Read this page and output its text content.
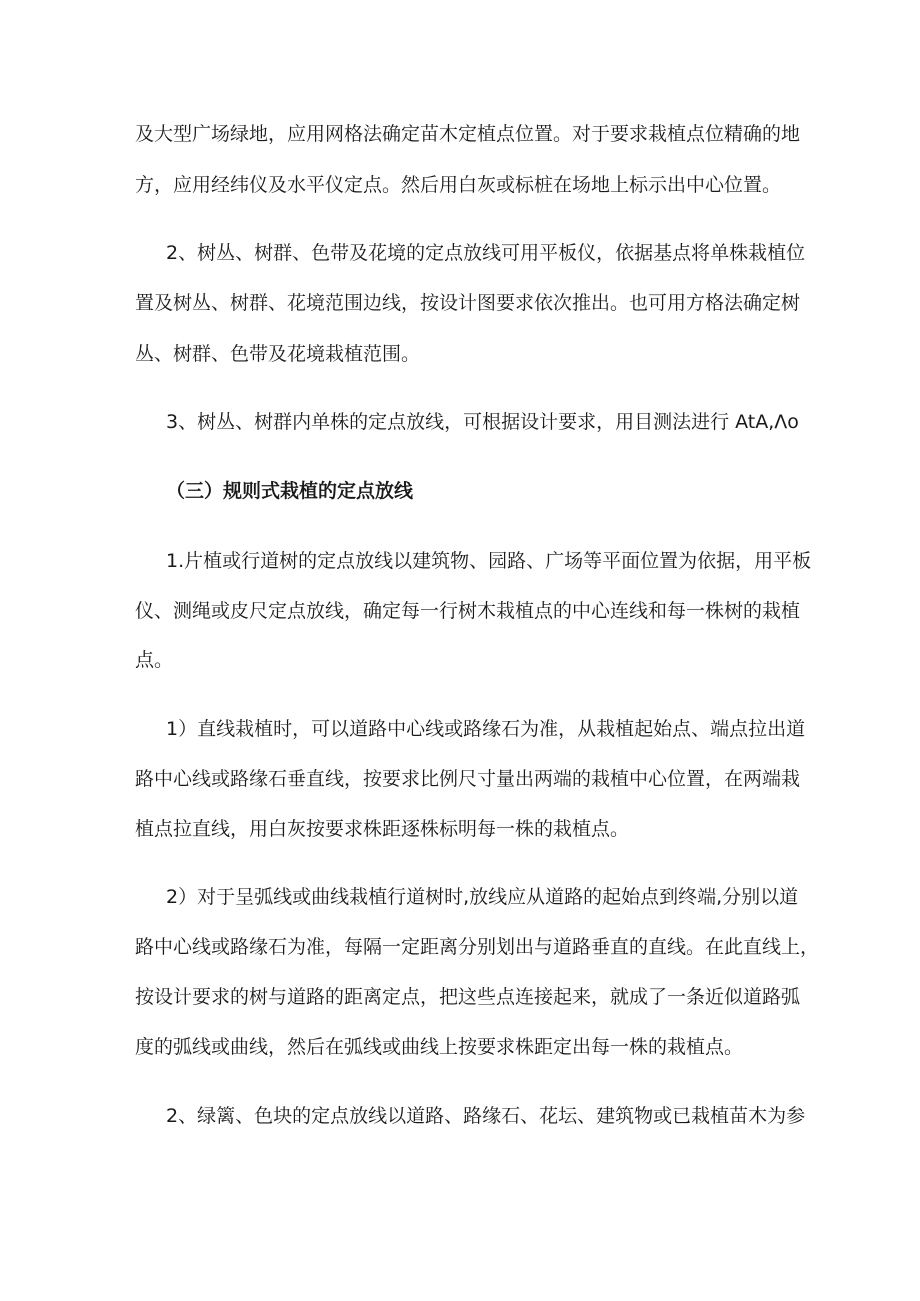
及大型广场绿地，应用网格法确定苗木定植点位置。对于要求栽植点位精确的地
方，应用经纬仪及水平仪定点。然后用白灰或标桩在场地上标示出中心位置。
2、树丛、树群、色带及花境的定点放线可用平板仪，依据基点将单株栽植位
置及树丛、树群、花境范围边线，按设计图要求依次推出。也可用方格法确定树
丛、树群、色带及花境栽植范围。
3、树丛、树群内单株的定点放线，可根据设计要求，用目测法进行 AtA,Λo
（三）规则式栽植的定点放线
1.片植或行道树的定点放线以建筑物、园路、广场等平面位置为依据，用平板
仪、测绳或皮尺定点放线，确定每一行树木栽植点的中心连线和每一株树的栽植
点。
1）直线栽植时，可以道路中心线或路缘石为准，从栽植起始点、端点拉出道
路中心线或路缘石垂直线，按要求比例尺寸量出两端的栽植中心位置，在两端栽
植点拉直线，用白灰按要求株距逐株标明每一株的栽植点。
2）对于呈弧线或曲线栽植行道树时,放线应从道路的起始点到终端,分别以道
路中心线或路缘石为准，每隔一定距离分别划出与道路垂直的直线。在此直线上，
按设计要求的树与道路的距离定点，把这些点连接起来，就成了一条近似道路弧
度的弧线或曲线，然后在弧线或曲线上按要求株距定出每一株的栽植点。
2、绿篱、色块的定点放线以道路、路缘石、花坛、建筑物或已栽植苗木为参
